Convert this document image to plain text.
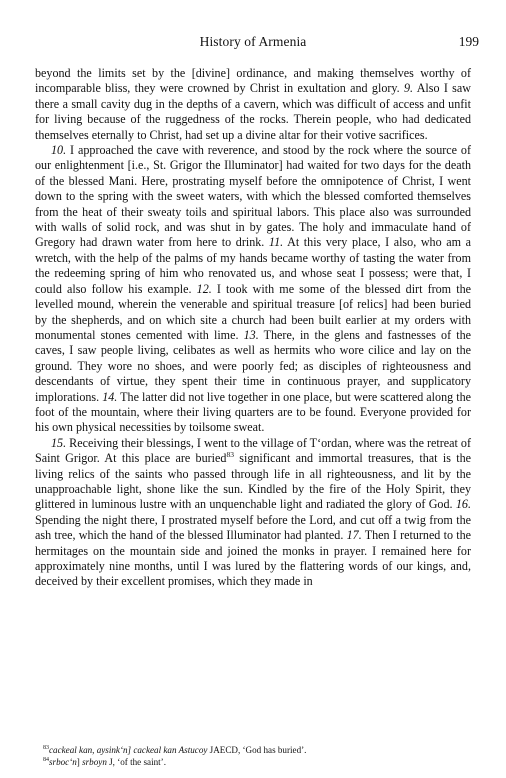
History of Armenia	199

beyond the limits set by the [divine] ordinance, and making themselves worthy of incomparable bliss, they were crowned by Christ in exultation and glory. 9. Also I saw there a small cavity dug in the depths of a cavern, which was difficult of access and unfit for living because of the ruggedness of the rocks. Therein people, who had dedicated themselves eternally to Christ, had set up a divine altar for their votive sacrifices.

10. I approached the cave with reverence, and stood by the rock where the source of our enlightenment [i.e., St. Grigor the Illuminator] had waited for two days for the death of the blessed Mani. Here, prostrating myself before the omnipotence of Christ, I went down to the spring with the sweet waters, with which the blessed comforted themselves from the heat of their sweaty toils and spiritual labors. This place also was surrounded with walls of solid rock, and was shut in by gates. The holy and immaculate hand of Gregory had drawn water from here to drink. 11. At this very place, I also, who am a wretch, with the help of the palms of my hands became worthy of tasting the water from the redeeming spring of him who renovated us, and whose seat I possess; were that, I could also follow his example. 12. I took with me some of the blessed dirt from the levelled mound, wherein the venerable and spiritual treasure [of relics] had been buried by the shepherds, and on which site a church had been built earlier at my orders with monumental stones cemented with lime. 13. There, in the glens and fastnesses of the caves, I saw people living, celibates as well as hermits who wore cilice and lay on the ground. They wore no shoes, and were poorly fed; as disciples of righteousness and descendants of virtue, they spent their time in continuous prayer, and supplicatory implorations. 14. The latter did not live together in one place, but were scattered along the foot of the mountain, where their living quarters are to be found. Everyone provided for his own physical necessities by toilsome sweat.

15. Receiving their blessings, I went to the village of T‘ordan, where was the retreat of Saint Grigor. At this place are buried$^{83}$ significant and immortal treasures, that is the living relics of the saints who passed through life in all righteousness, and lit by the unapproachable light, shone like the sun. Kindled by the fire of the Holy Spirit, they glittered in luminous lustre with an unquenchable light and radiated the glory of God. 16. Spending the night there, I prostrated myself before the Lord, and cut off a twig from the ash tree, which the hand of the blessed Illuminator had planted. 17. Then I returned to the hermitages on the mountain side and joined the monks in prayer. I remained here for approximately nine months, until I was lured by the flattering words of our kings, and, deceived by their excellent promises, which they made in

$^{83}$cackeal kan, aysink‘n] cackeal kan Astucoy JAECD, ‘God has buried’.

$^{84}$srboc‘n] srboyn J, ‘of the saint’.
